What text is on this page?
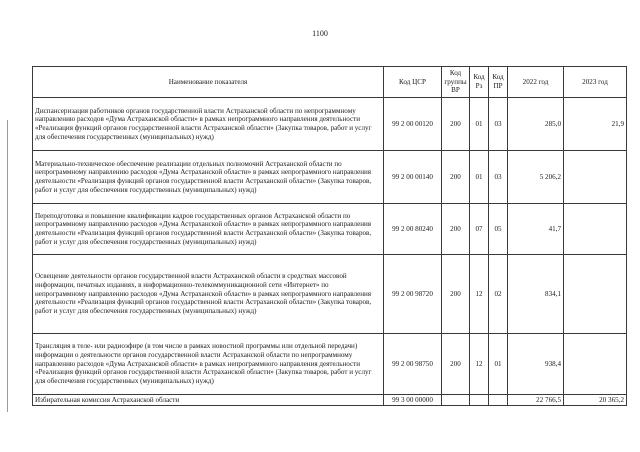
1100
Наименование показателя	Код ЦСР	Код группы ВР	Код Рз	Код ПР	2022 год	2023 год
Диспансеризация работников органов государственной власти Астраханской области по непрограммному направлению расходов «Дума Астраханской области» в рамках непрограммного направления деятельности «Реализация функций органов государственной власти Астраханской области» (Закупка товаров, работ и услуг для обеспечения государственных (муниципальных) нужд)	99 2 00 00120	200	01	03	285,0	21,9
Материально-техническое обеспечение реализации отдельных полномочий Астраханской области по непрограммному направлению расходов «Дума Астраханской области» в рамках непрограммного направления деятельности «Реализация функций органов государственной власти Астраханской области» (Закупка товаров, работ и услуг для обеспечения государственных (муниципальных) нужд)	99 2 00 00140	200	01	03	5 206,2	
Переподготовка и повышение квалификации кадров государственных органов Астраханской области по непрограммному направлению расходов «Дума Астраханской области» в рамках непрограммного направления деятельности «Реализация функций органов государственной власти Астраханской области» (Закупка товаров, работ и услуг для обеспечения государственных (муниципальных) нужд)	99 2 00 80240	200	07	05	41,7	
Освещение деятельности органов государственной власти Астраханской области в средствах массовой информации, печатных изданиях, в информационно-телекоммуникационной сети «Интернет» по непрограммному направлению расходов «Дума Астраханской области» в рамках непрограммного направления деятельности «Реализация функций органов государственной власти Астраханской области» (Закупка товаров, работ и услуг для обеспечения государственных (муниципальных) нужд)	99 2 00 98720	200	12	02	834,1	
Трансляция в теле- или радиоэфире (в том числе в рамках новостной программы или отдельной передачи) информации о деятельности органов государственной власти Астраханской области по непрограммному направлению расходов «Дума Астраханской области» в рамках непрограммного направления деятельности «Реализация функций органов государственной власти Астраханской области» (Закупка товаров, работ и услуг для обеспечения государственных (муниципальных) нужд)	99 2 00 98750	200	12	01	938,4	
Избирательная комиссия Астраханской области	99 3 00 00000				22 766,5	20 365,2
